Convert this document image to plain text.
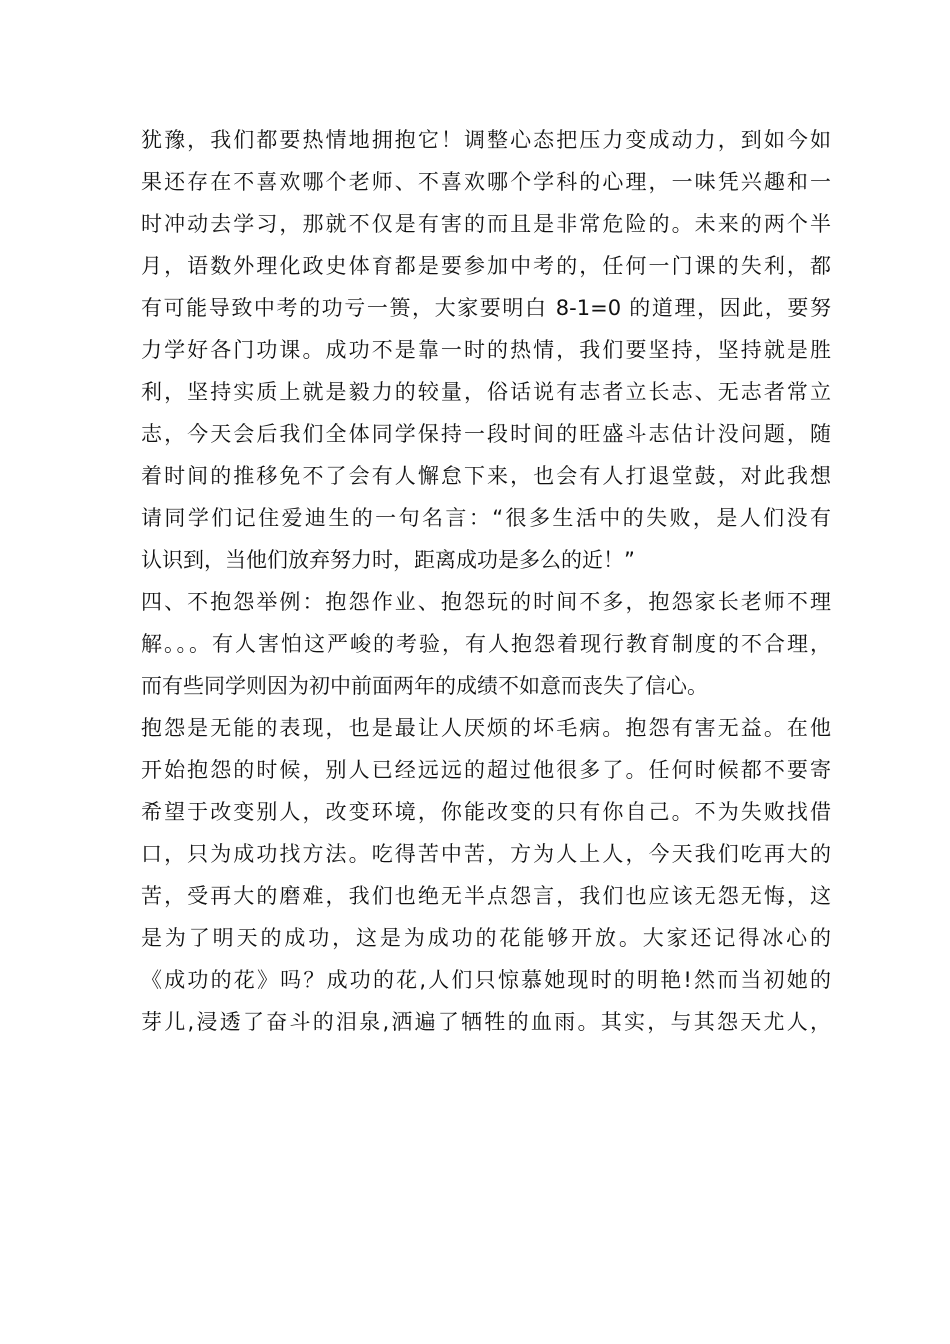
犹豫，我们都要热情地拥抱它！调整心态把压力变成动力，到如今如
果还存在不喜欢哪个老师、不喜欢哪个学科的心理，一味凭兴趣和一
时冲动去学习，那就不仅是有害的而且是非常危险的。未来的两个半
月，语数外理化政史体育都是要参加中考的，任何一门课的失利，都
有可能导致中考的功亏一篑，大家要明白 8-1=0 的道理，因此，要努
力学好各门功课。成功不是靠一时的热情，我们要坚持，坚持就是胜
利，坚持实质上就是毅力的较量，俗话说有志者立长志、无志者常立
志，今天会后我们全体同学保持一段时间的旺盛斗志估计没问题，随
着时间的推移免不了会有人懈怠下来，也会有人打退堂鼓，对此我想
请同学们记住爱迪生的一句名言：“很多生活中的失败，是人们没有
认识到，当他们放弃努力时，距离成功是多么的近！”
四、不抱怨举例：抱怨作业、抱怨玩的时间不多，抱怨家长老师不理
解。。。有人害怕这严峻的考验，有人抱怨着现行教育制度的不合理，
而有些同学则因为初中前面两年的成绩不如意而丧失了信心。
抱怨是无能的表现，也是最让人厌烦的坏毛病。抱怨有害无益。在他
开始抱怨的时候，别人已经远远的超过他很多了。任何时候都不要寄
希望于改变别人，改变环境，你能改变的只有你自己。不为失败找借
口，只为成功找方法。吃得苦中苦，方为人上人，今天我们吃再大的
苦，受再大的磨难，我们也绝无半点怨言，我们也应该无怨无悔，这
是为了明天的成功，这是为成功的花能够开放。大家还记得冰心的
《成功的花》吗？成功的花,人们只惊慕她现时的明艳!然而当初她的
芽儿,浸透了奋斗的泪泉,洒遍了牺牲的血雨。其实，与其怨天尤人，
